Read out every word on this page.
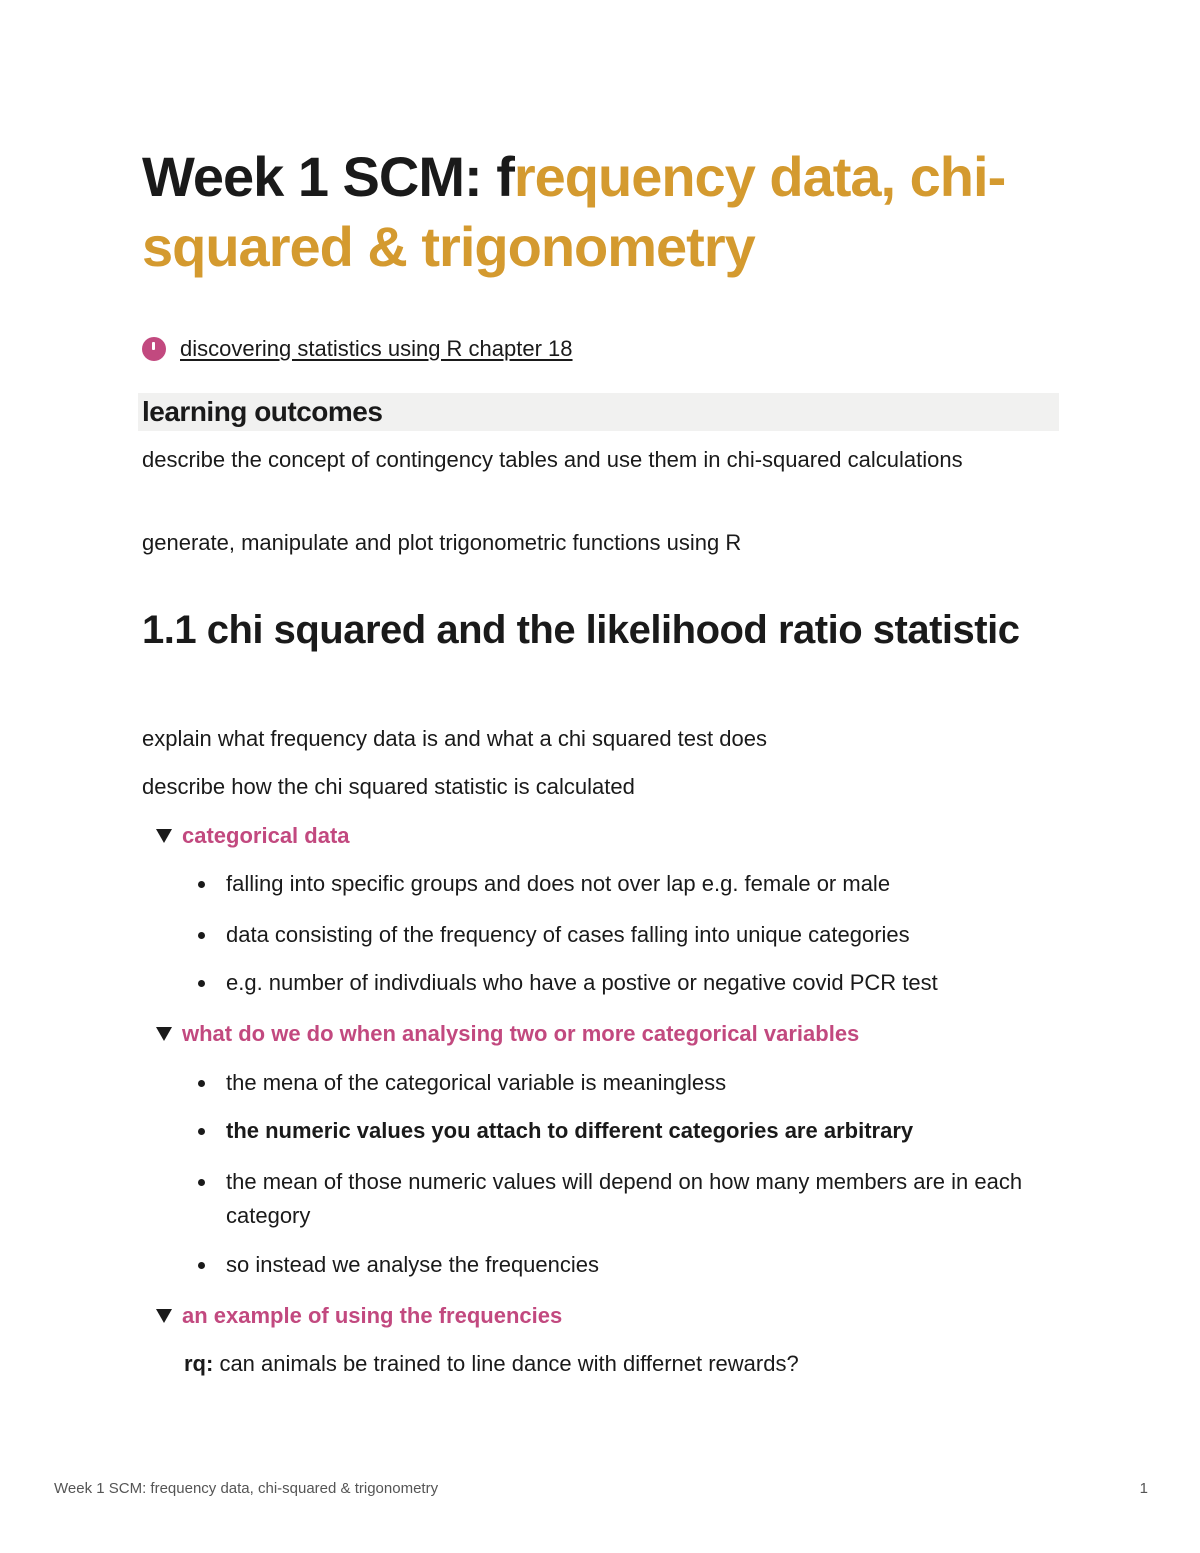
Week 1 SCM: frequency data, chi-squared & trigonometry
discovering statistics using R chapter 18
learning outcomes

describe the concept of contingency tables and use them in chi-squared calculations

generate, manipulate and plot trigonometric functions using R

1.1 chi squared and the likelihood ratio statistic

explain what frequency data is and what a chi squared test does

describe how the chi squared statistic is calculated

categorical data
falling into specific groups and does not over lap e.g. female or male
data consisting of the frequency of cases falling into unique categories
e.g. number of indivdiuals who have a postive or negative covid PCR test
what do we do when analysing two or more categorical variables
the mena of the categorical variable is meaningless
the numeric values you attach to different categories are arbitrary
the mean of those numeric values will depend on how many members are in each category
so instead we analyse the frequencies
an example of using the frequencies
rq: can animals be trained to line dance with differnet rewards?
Week 1 SCM: frequency data, chi-squared & trigonometry	1
